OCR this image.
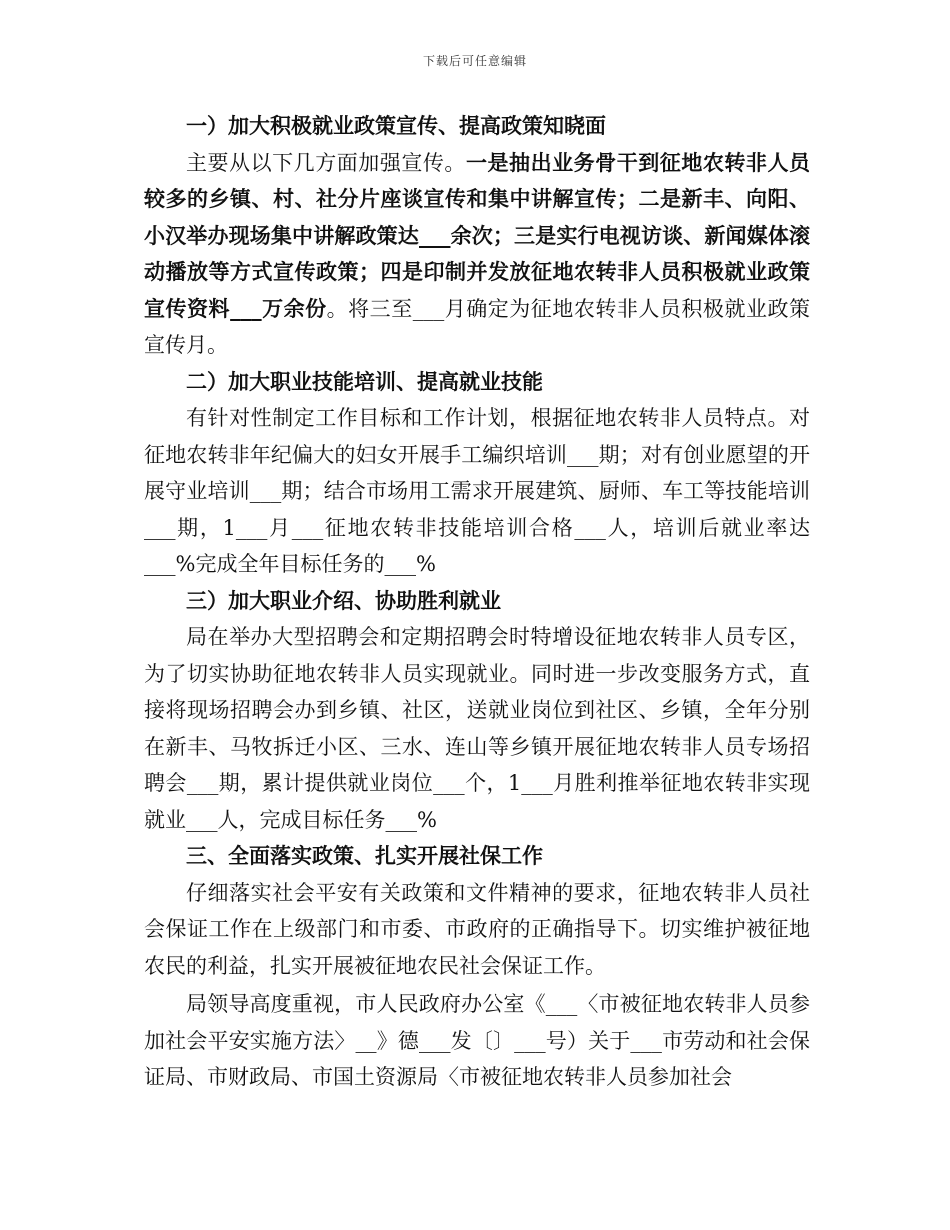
下载后可任意编辑
一）加大积极就业政策宣传、提高政策知晓面

主要从以下几方面加强宣传。一是抽出业务骨干到征地农转非人员较多的乡镇、村、社分片座谈宣传和集中讲解宣传；二是新丰、向阳、小汉举办现场集中讲解政策达___余次；三是实行电视访谈、新闻媒体滚动播放等方式宣传政策；四是印制并发放征地农转非人员积极就业政策宣传资料___万余份。将三至___月确定为征地农转非人员积极就业政策宣传月。

二）加大职业技能培训、提高就业技能

有针对性制定工作目标和工作计划，根据征地农转非人员特点。对征地农转非年纪偏大的妇女开展手工编织培训___期；对有创业愿望的开展守业培训___期；结合市场用工需求开展建筑、厨师、车工等技能培训___期，1___月___征地农转非技能培训合格___人，培训后就业率达___%完成全年目标任务的___%

三）加大职业介绍、协助胜利就业

局在举办大型招聘会和定期招聘会时特增设征地农转非人员专区，为了切实协助征地农转非人员实现就业。同时进一步改变服务方式，直接将现场招聘会办到乡镇、社区，送就业岗位到社区、乡镇，全年分别在新丰、马牧拆迁小区、三水、连山等乡镇开展征地农转非人员专场招聘会___期，累计提供就业岗位___个，1___月胜利推举征地农转非实现就业___人，完成目标任务___%

三、全面落实政策、扎实开展社保工作

仔细落实社会平安有关政策和文件精神的要求，征地农转非人员社会保证工作在上级部门和市委、市政府的正确指导下。切实维护被征地农民的利益，扎实开展被征地农民社会保证工作。

局领导高度重视，市人民政府办公室《___〈市被征地农转非人员参加社会平安实施方法〉__》德___发〔〕___号）关于___市劳动和社会保证局、市财政局、市国土资源局〈市被征地农转非人员参加社会
